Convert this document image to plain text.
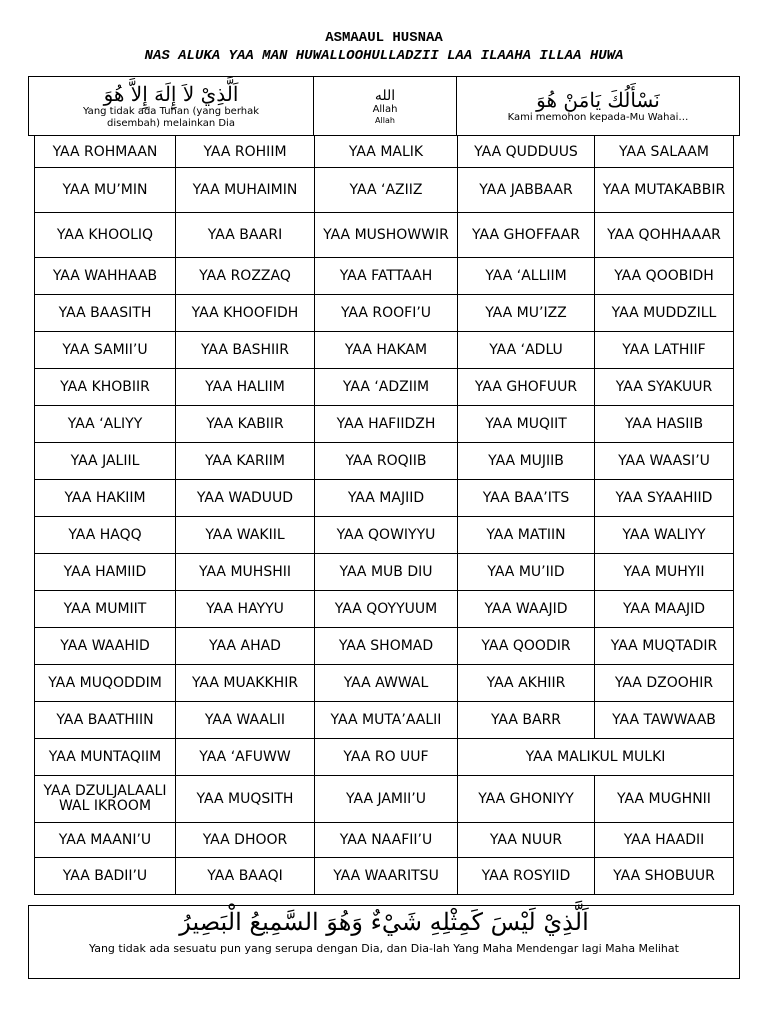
ASMAAUL HUSNAA
NAS ALUKA YAA MAN HUWALLOOHULLADZII LAA ILAAHA ILLAA HUWA
اَلَّذِيْ لاَ إِلَهَ إِلاَّ هُوَ
Yang tidak ada Tuhan (yang berhak disembah) melainkan Dia

الله
Allah
Allah

نَسْأَلُكَ يَامَنْ هُوَ
Kami memohon kepada-Mu Wahai…
YAA ROHMAAN	YAA ROHIIM	YAA MALIK	YAA QUDDUUS	YAA SALAAM
YAA MU’MIN	YAA MUHAIMIN	YAA ‘AZIIZ	YAA JABBAAR	YAA MUTAKABBIR
YAA KHOOLIQ	YAA BAARI	YAA MUSHOWWIR	YAA GHOFFAAR	YAA QOHHAAAR
YAA WAHHAAB	YAA ROZZAQ	YAA FATTAAH	YAA ‘ALLIIM	YAA QOOBIDH
YAA BAASITH	YAA KHOOFIDH	YAA ROOFI’U	YAA MU’IZZ	YAA MUDDZILL
YAA SAMII’U	YAA BASHIIR	YAA HAKAM	YAA ‘ADLU	YAA LATHIIF
YAA KHOBIIR	YAA HALIIM	YAA ‘ADZIIM	YAA GHOFUUR	YAA SYAKUUR
YAA ‘ALIYY	YAA KABIIR	YAA HAFIIDZH	YAA MUQIIT	YAA HASIIB
YAA JALIIL	YAA KARIIM	YAA ROQIIB	YAA MUJIIB	YAA WAASI’U
YAA HAKIIM	YAA WADUUD	YAA MAJIID	YAA BAA’ITS	YAA SYAAHIID
YAA HAQQ	YAA WAKIIL	YAA QOWIYYU	YAA MATIIN	YAA WALIYY
YAA HAMIID	YAA MUHSHII	YAA MUB DIU	YAA MU’IID	YAA MUHYII
YAA MUMIIT	YAA HAYYU	YAA QOYYUUM	YAA WAAJID	YAA MAAJID
YAA WAAHID	YAA AHAD	YAA SHOMAD	YAA QOODIR	YAA MUQTADIR
YAA MUQODDIM	YAA MUAKKHIR	YAA AWWAL	YAA AKHIIR	YAA DZOOHIR
YAA BAATHIIN	YAA WAALII	YAA MUTA’AALII	YAA BARR	YAA TAWWAAB
YAA MUNTAQIIM	YAA ‘AFUWW	YAA RO UUF	YAA MALIKUL MULKI	
YAA DZULJALAALI WAL IKROOM	YAA MUQSITH	YAA JAMII’U	YAA GHONIYY	YAA MUGHNII
YAA MAANI’U	YAA DHOOR	YAA NAAFII’U	YAA NUUR	YAA HAADII
YAA BADII’U	YAA BAAQI	YAA WAARITSU	YAA ROSYIID	YAA SHOBUUR
اَلَّذِيْ لَيْسَ كَمِثْلِهِ شَيْءٌ وَهُوَ السَّمِيعُ الْبَصِيرُ
Yang tidak ada sesuatu pun yang serupa dengan Dia, dan Dia-lah Yang Maha Mendengar lagi Maha Melihat
